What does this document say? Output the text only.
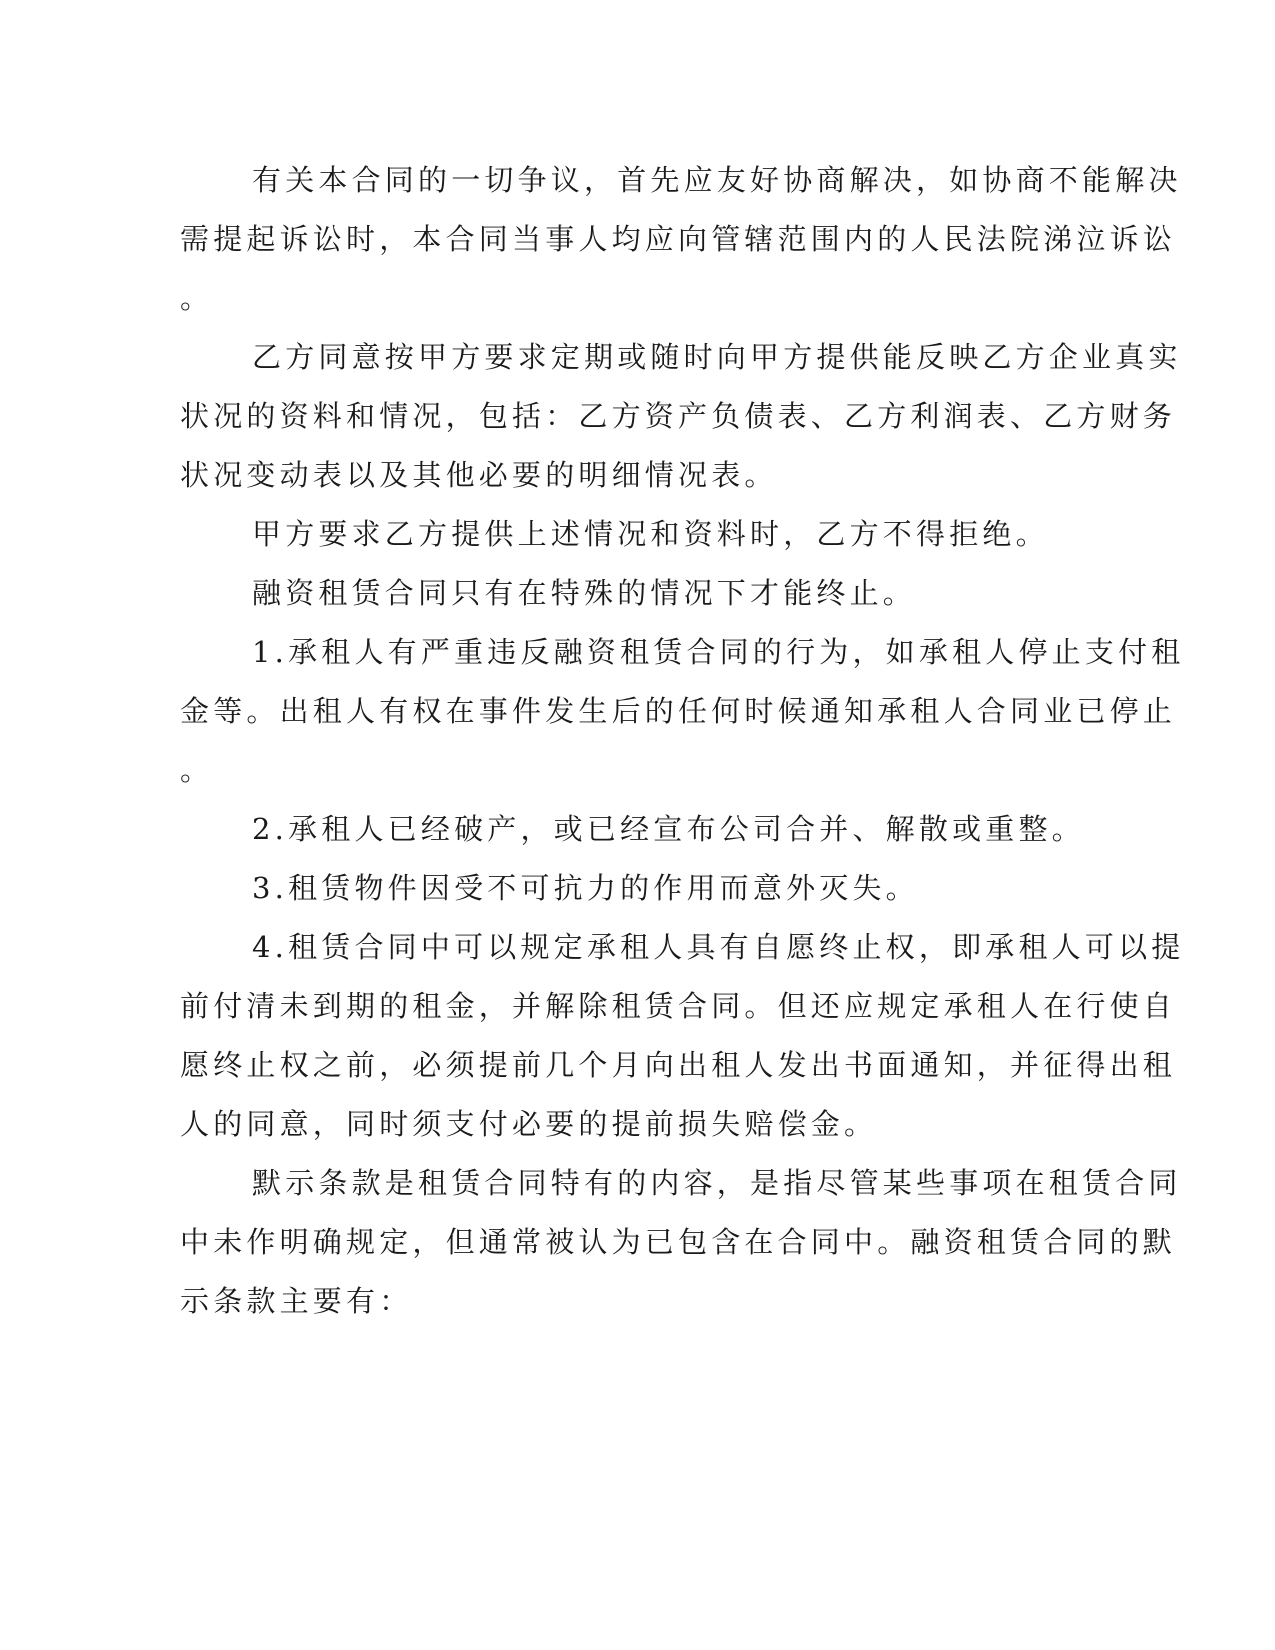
有关本合同的一切争议，首先应友好协商解决，如协商不能解决

需提起诉讼时，本合同当事人均应向管辖范围内的人民法院涕泣诉讼

。

乙方同意按甲方要求定期或随时向甲方提供能反映乙方企业真实

状况的资料和情况，包括：乙方资产负债表、乙方利润表、乙方财务

状况变动表以及其他必要的明细情况表。

甲方要求乙方提供上述情况和资料时，乙方不得拒绝。

融资租赁合同只有在特殊的情况下才能终止。

1.承租人有严重违反融资租赁合同的行为，如承租人停止支付租

金等。出租人有权在事件发生后的任何时候通知承租人合同业已停止

。

2.承租人已经破产，或已经宣布公司合并、解散或重整。

3.租赁物件因受不可抗力的作用而意外灭失。

4.租赁合同中可以规定承租人具有自愿终止权，即承租人可以提

前付清未到期的租金，并解除租赁合同。但还应规定承租人在行使自

愿终止权之前，必须提前几个月向出租人发出书面通知，并征得出租

人的同意，同时须支付必要的提前损失赔偿金。

默示条款是租赁合同特有的内容，是指尽管某些事项在租赁合同

中未作明确规定，但通常被认为已包含在合同中。融资租赁合同的默

示条款主要有：
